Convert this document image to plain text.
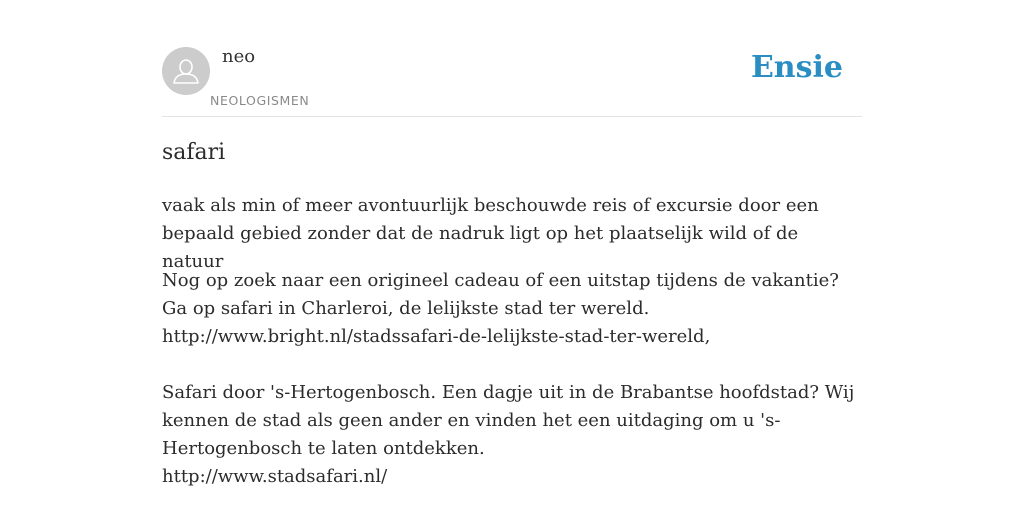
neo
NEOLOGISMEN
Ensie
safari

vaak als min of meer avontuurlijk beschouwde reis of excursie door een bepaald gebied zonder dat de nadruk ligt op het plaatselijk wild of de natuur

Nog op zoek naar een origineel cadeau of een uitstap tijdens de vakantie? Ga op safari in Charleroi, de lelijkste stad ter wereld.

http://www.bright.nl/stadssafari-de-lelijkste-stad-ter-wereld,

Safari door 's-Hertogenbosch. Een dagje uit in de Brabantse hoofdstad? Wij kennen de stad als geen ander en vinden het een uitdaging om u 's-Hertogenbosch te laten ontdekken.

http://www.stadsafari.nl/
